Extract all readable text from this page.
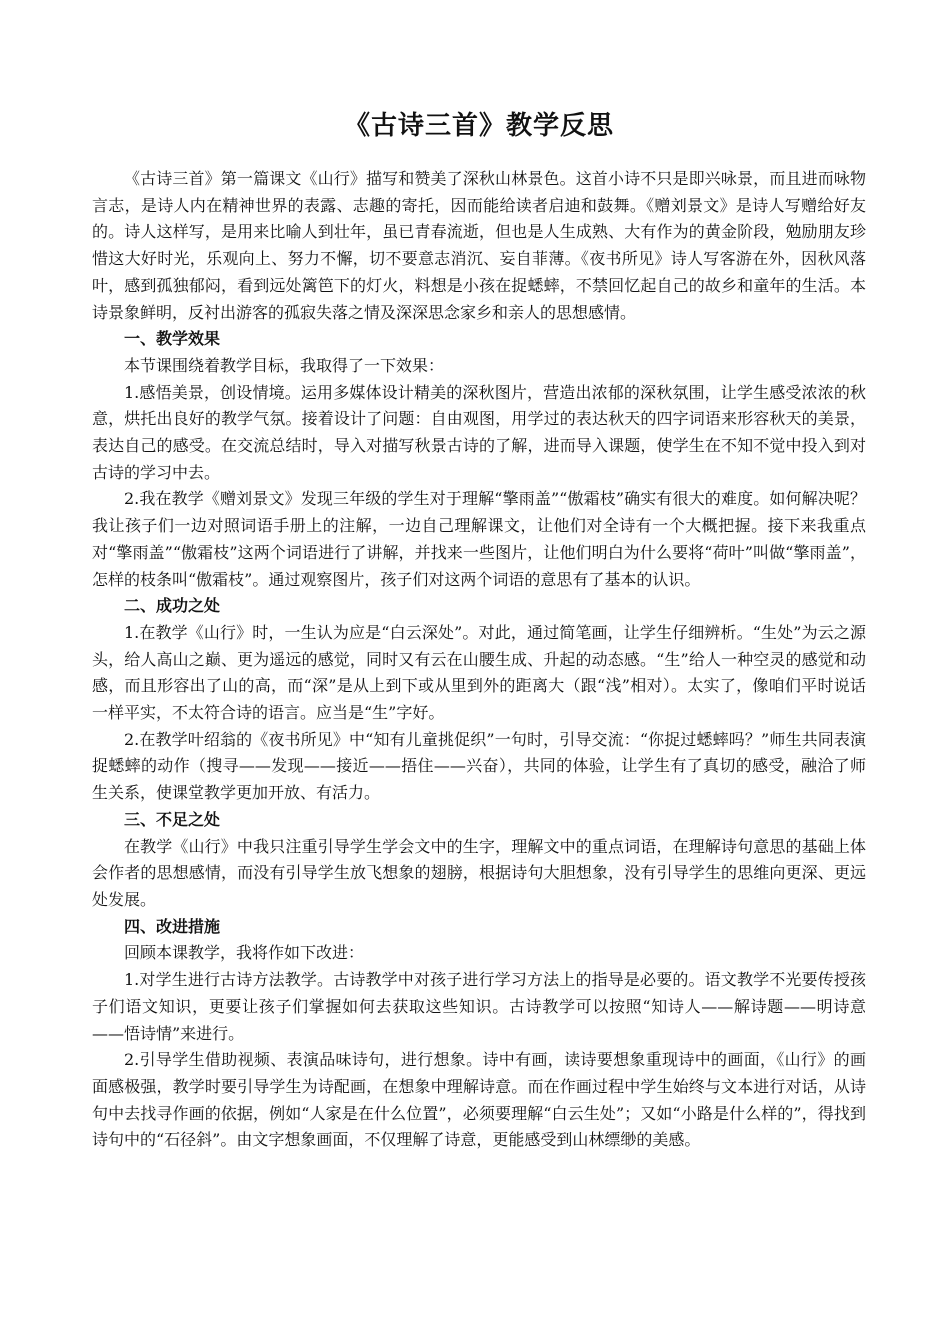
《古诗三首》教学反思

《古诗三首》第一篇课文《山行》描写和赞美了深秋山林景色。这首小诗不只是即兴咏景，而且进而咏物言志，是诗人内在精神世界的表露、志趣的寄托，因而能给读者启迪和鼓舞。《赠刘景文》是诗人写赠给好友的。诗人这样写，是用来比喻人到壮年，虽已青春流逝，但也是人生成熟、大有作为的黄金阶段，勉励朋友珍惜这大好时光，乐观向上、努力不懈，切不要意志消沉、妄自菲薄。《夜书所见》诗人写客游在外，因秋风落叶，感到孤独郁闷，看到远处篱笆下的灯火，料想是小孩在捉蟋蟀，不禁回忆起自己的故乡和童年的生活。本诗景象鲜明，反衬出游客的孤寂失落之情及深深思念家乡和亲人的思想感情。

一、教学效果

本节课围绕着教学目标，我取得了一下效果：

1.感悟美景，创设情境。运用多媒体设计精美的深秋图片，营造出浓郁的深秋氛围，让学生感受浓浓的秋意，烘托出良好的教学气氛。接着设计了问题：自由观图，用学过的表达秋天的四字词语来形容秋天的美景，表达自己的感受。在交流总结时，导入对描写秋景古诗的了解，进而导入课题，使学生在不知不觉中投入到对古诗的学习中去。

2.我在教学《赠刘景文》发现三年级的学生对于理解“擎雨盖”“傲霜枝”确实有很大的难度。如何解决呢？我让孩子们一边对照词语手册上的注解，一边自己理解课文，让他们对全诗有一个大概把握。接下来我重点对“擎雨盖”“傲霜枝”这两个词语进行了讲解，并找来一些图片，让他们明白为什么要将“荷叶”叫做“擎雨盖”，怎样的枝条叫“傲霜枝”。通过观察图片，孩子们对这两个词语的意思有了基本的认识。

二、成功之处

1.在教学《山行》时，一生认为应是“白云深处”。对此，通过简笔画，让学生仔细辨析。“生处”为云之源头，给人高山之巅、更为遥远的感觉，同时又有云在山腰生成、升起的动态感。“生”给人一种空灵的感觉和动感，而且形容出了山的高，而“深”是从上到下或从里到外的距离大（跟“浅”相对）。太实了，像咱们平时说话一样平实，不太符合诗的语言。应当是“生”字好。

2.在教学叶绍翁的《夜书所见》中“知有儿童挑促织”一句时，引导交流：“你捉过蟋蟀吗？”师生共同表演捉蟋蟀的动作（搜寻——发现——接近——捂住——兴奋），共同的体验，让学生有了真切的感受，融洽了师生关系，使课堂教学更加开放、有活力。

三、不足之处

在教学《山行》中我只注重引导学生学会文中的生字，理解文中的重点词语，在理解诗句意思的基础上体会作者的思想感情，而没有引导学生放飞想象的翅膀，根据诗句大胆想象，没有引导学生的思维向更深、更远处发展。

四、改进措施

回顾本课教学，我将作如下改进：

1.对学生进行古诗方法教学。古诗教学中对孩子进行学习方法上的指导是必要的。语文教学不光要传授孩子们语文知识，更要让孩子们掌握如何去获取这些知识。古诗教学可以按照“知诗人——解诗题——明诗意——悟诗情”来进行。

2.引导学生借助视频、表演品味诗句，进行想象。诗中有画，读诗要想象重现诗中的画面，《山行》的画面感极强，教学时要引导学生为诗配画，在想象中理解诗意。而在作画过程中学生始终与文本进行对话，从诗句中去找寻作画的依据，例如“人家是在什么位置”，必须要理解“白云生处”；又如“小路是什么样的”，得找到诗句中的“石径斜”。由文字想象画面，不仅理解了诗意，更能感受到山林缥缈的美感。
